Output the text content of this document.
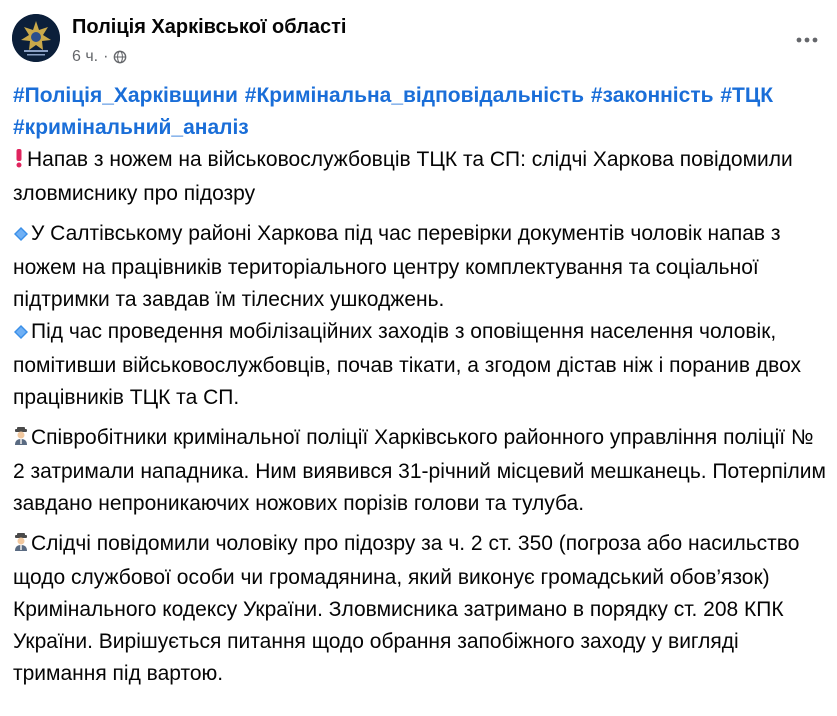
Поліція Харківської області
6 ч. ·
#Поліція_Харківщини #Кримінальна_відповідальність #законність #ТЦК #кримінальний_аналіз

Напав з ножем на військовослужбовців ТЦК та СП: слідчі Харкова повідомили зловмиснику про підозру

У Салтівському районі Харкова під час перевірки документів чоловік напав з ножем на працівників територіального центру комплектування та соціальної підтримки та завдав їм тілесних ушкоджень.

Під час проведення мобілізаційних заходів з оповіщення населення чоловік, помітивши військовослужбовців, почав тікати, а згодом дістав ніж і поранив двох працівників ТЦК та СП.

Співробітники кримінальної поліції Харківського районного управління поліції № 2 затримали нападника. Ним виявився 31-річний місцевий мешканець. Потерпілим завдано непроникаючих ножових порізів голови та тулуба.

Слідчі повідомили чоловіку про підозру за ч. 2 ст. 350 (погроза або насильство щодо службової особи чи громадянина, який виконує громадський обов’язок) Кримінального кодексу України. Зловмисника затримано в порядку ст. 208 КПК України. Вирішується питання щодо обрання запобіжного заходу у вигляді тримання під вартою.
